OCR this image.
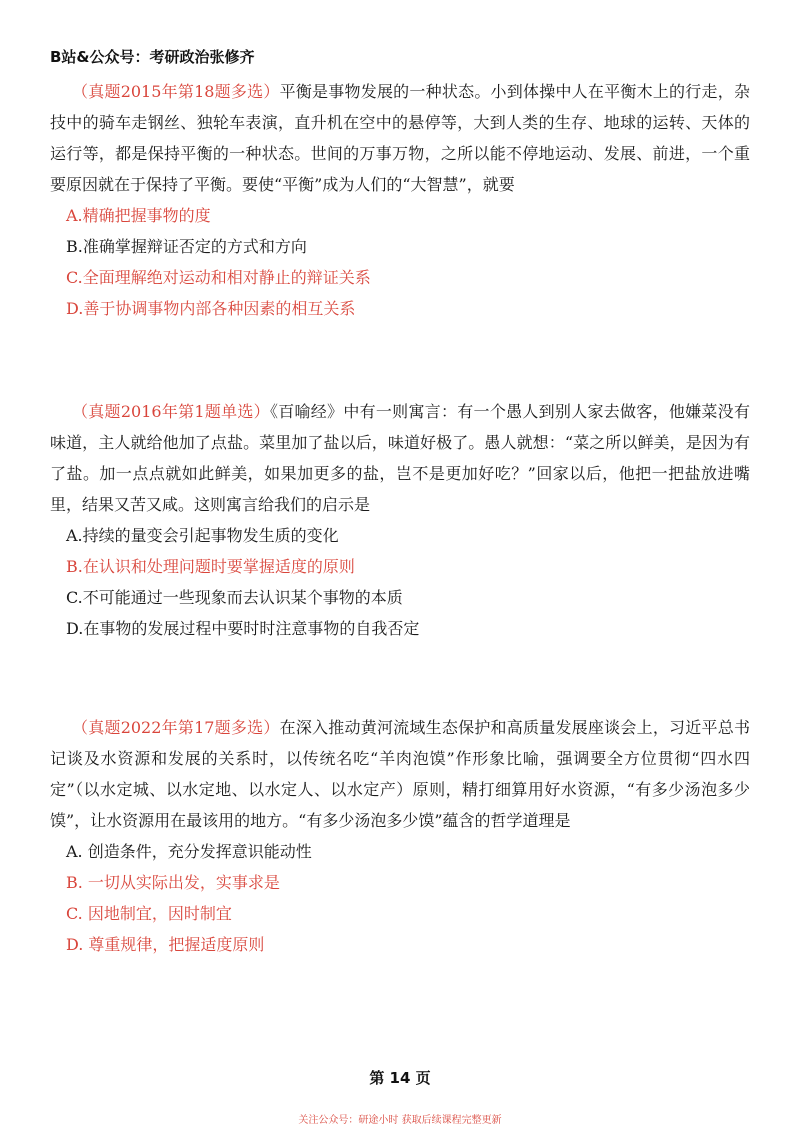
B站&公众号：考研政治张修齐

（真题2015年第18题多选）平衡是事物发展的一种状态。小到体操中人在平衡木上的行走，杂技中的骑车走钢丝、独轮车表演，直升机在空中的悬停等，大到人类的生存、地球的运转、天体的运行等，都是保持平衡的一种状态。世间的万事万物，之所以能不停地运动、发展、前进，一个重要原因就在于保持了平衡。要使“平衡”成为人们的“大智慧”，就要

A.精确把握事物的度

B.准确掌握辩证否定的方式和方向

C.全面理解绝对运动和相对静止的辩证关系

D.善于协调事物内部各种因素的相互关系

（真题2016年第1题单选）《百喻经》中有一则寓言：有一个愚人到别人家去做客，他嫌菜没有味道，主人就给他加了点盐。菜里加了盐以后，味道好极了。愚人就想：“菜之所以鲜美，是因为有了盐。加一点点就如此鲜美，如果加更多的盐，岂不是更加好吃？”回家以后，他把一把盐放进嘴里，结果又苦又咸。这则寓言给我们的启示是

A.持续的量变会引起事物发生质的变化

B.在认识和处理问题时要掌握适度的原则

C.不可能通过一些现象而去认识某个事物的本质

D.在事物的发展过程中要时时注意事物的自我否定

（真题2022年第17题多选）在深入推动黄河流域生态保护和高质量发展座谈会上，习近平总书记谈及水资源和发展的关系时，以传统名吃“羊肉泡馍”作形象比喻，强调要全方位贯彻“四水四定”（以水定城、以水定地、以水定人、以水定产）原则，精打细算用好水资源，“有多少汤泡多少馍”，让水资源用在最该用的地方。“有多少汤泡多少馍”蕴含的哲学道理是

A. 创造条件，充分发挥意识能动性

B. 一切从实际出发，实事求是

C. 因地制宜，因时制宜

D. 尊重规律，把握适度原则

第 14 页
关注公众号：研途小时 获取后续课程完整更新
